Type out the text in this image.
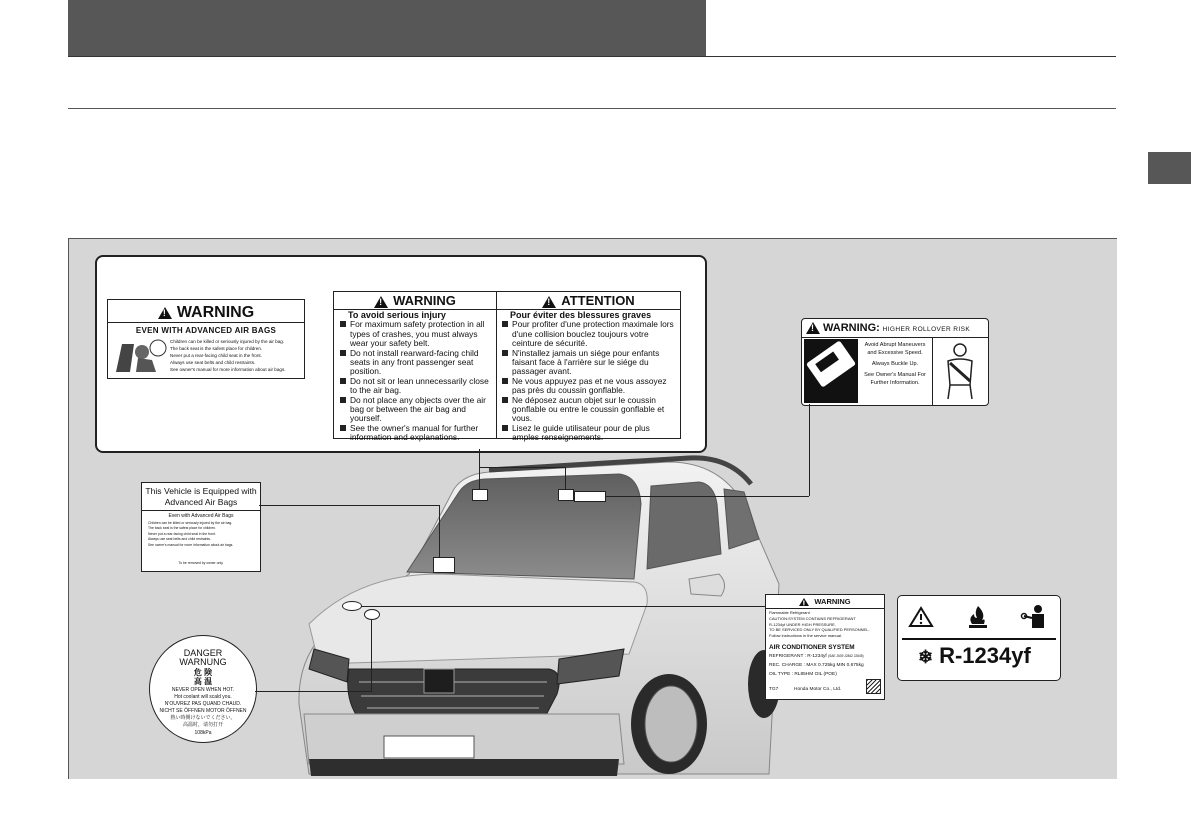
!WARNING
EVEN WITH ADVANCED AIR BAGS
Children can be killed or seriously injured by the air bag.
The back seat is the safest place for children.
Never put a rear-facing child seat in the front.
Always use seat belts and child restraints.
See owner's manual for more information about air bags.
!WARNING
!	ATTENTION
To avoid serious injury
For maximum safety protection in all types of crashes, you must always wear your safety belt.
Do not install rearward-facing child seats in any front passenger seat position.
Do not sit or lean unnecessarily close to the air bag.
Do not place any objects over the air bag or between the air bag and yourself.
See the owner's manual for further information and explanations.
Pour éviter des blessures graves
Pour profiter d'une protection maximale lors d'une collision bouclez toujours votre ceinture de sécurité.
N'installez jamais un siége pour enfants faisant face à l'arrière sur le siége du passager avant.
Ne vous appuyez pas et ne vous assoyez pas près du coussin gonflable.
Ne déposez aucun objet sur le coussin gonflable ou entre le coussin gonflable et vous.
Lisez le guide utilisateur pour de plus amples renseignements.
!WARNING: HIGHER ROLLOVER RISK
Avoid Abrupt Maneuvers and Excessive Speed.
Always Buckle Up.
See Owner's Manual For Further Information.
This Vehicle is Equipped with Advanced Air Bags
Even with Advanced Air Bags
Children can be killed or seriously injured by the air bag.
The back seat is the safest place for children.
Never put a rear-facing child seat in the front.
Always use seat belts and child restraints.
See owner's manual for more information about air bags.
To be removed by owner only.
!WARNING
Flammable Refrigerant
CAUTION:SYSTEM CONTAINS REFRIGERANT
R-1234yf UNDER HIGH PRESSURE.
TO BE SERVICED ONLY BY QUALIFIED PERSONNEL.
Follow instructions in the service manual.
AIR CONDITIONER SYSTEM
REFRIGERANT : R-1234yf (SAE J639 J2842 J2845)
REC. CHARGE : MAX 0.725kg MIN 0.675kg
OIL TYPE : RL85HM OIL (POE)
TG7	Honda Motor Co., Ltd.
❄ R-1234yf
DANGER
WARNUNG
危 険
高 温
NEVER OPEN WHEN HOT.
Hot coolant will scald you.
N'OUVREZ PAS QUAND CHAUD.
NICHT SE ÖFFNEN MOTOR ÖFFNEN
熱い時開けないでください。
高温时，请勿打开
108kPa
